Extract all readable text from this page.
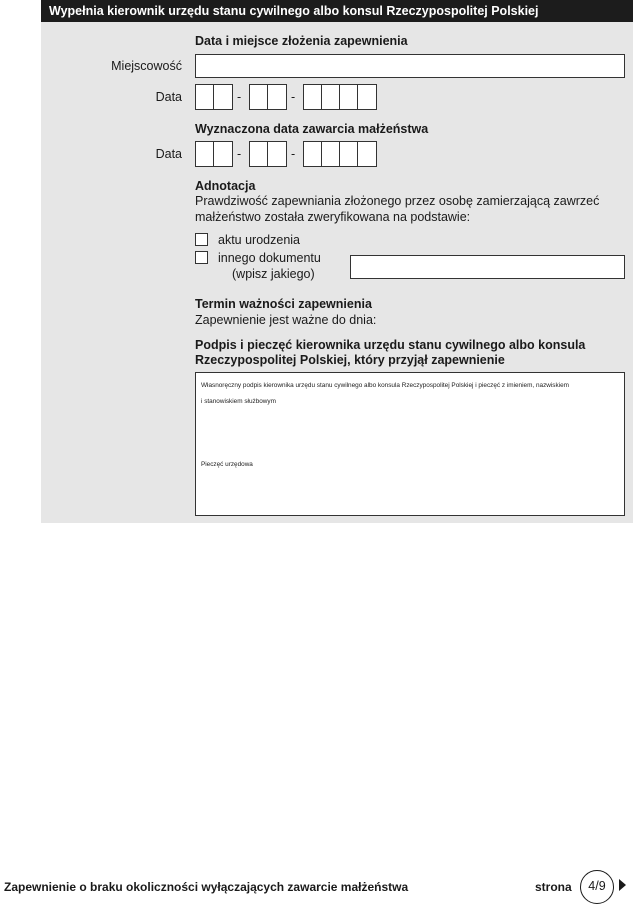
Wypełnia kierownik urzędu stanu cywilnego albo konsul Rzeczypospolitej Polskiej
Data i miejsce złożenia zapewnienia
Miejscowość
Data	-	-
Wyznaczona data zawarcia małżeństwa
Data	-	-
Adnotacja
Prawdziwość zapewniania złożonego przez osobę zamierzającą zawrzeć
małżeństwo została zweryfikowana na podstawie:
aktu urodzenia
innego dokumentu
(wpisz jakiego)
Termin ważności zapewnienia
Zapewnienie jest ważne do dnia:
Podpis i pieczęć kierownika urzędu stanu cywilnego albo konsula
Rzeczypospolitej Polskiej, który przyjął zapewnienie
Własnoręczny podpis kierownika urzędu stanu cywilnego albo konsula Rzeczypospolitej Polskiej i pieczęć z imieniem, nazwiskiem
i stanowiskiem służbowym
Pieczęć urzędowa
Zapewnienie o braku okoliczności wyłączających zawarcie małżeństwa	strona	4/9
